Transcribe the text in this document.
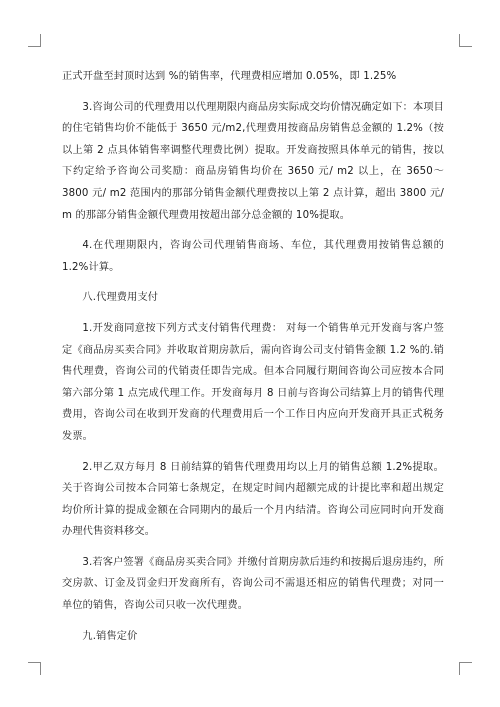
正式开盘至封顶时达到 %的销售率，代理费相应增加 0.05%，即 1.25%

3.咨询公司的代理费用以代理期限内商品房实际成交均价情况确定如下：本项目的住宅销售均价不能低于 3650 元/m2,代理费用按商品房销售总金额的 1.2%（按以上第 2 点具体销售率调整代理费比例）提取。开发商按照具体单元的销售，按以下约定给予咨询公司奖励：商品房销售均价在 3650 元/ m2 以上，在 3650～3800 元/ m2 范围内的那部分销售金额代理费按以上第 2 点计算，超出 3800 元/ m 的那部分销售金额代理费用按超出部分总金额的 10%提取。

4.在代理期限内，咨询公司代理销售商场、车位，其代理费用按销售总额的 1.2%计算。

八.代理费用支付

1.开发商同意按下列方式支付销售代理费： 对每一个销售单元开发商与客户签定《商品房买卖合同》并收取首期房款后，需向咨询公司支付销售金额 1.2 %的.销售代理费，咨询公司的代销责任即告完成。但本合同履行期间咨询公司应按本合同第六部分第 1 点完成代理工作。开发商每月 8 日前与咨询公司结算上月的销售代理费用，咨询公司在收到开发商的代理费用后一个工作日内应向开发商开具正式税务发票。

2.甲乙双方每月 8 日前结算的销售代理费用均以上月的销售总额 1.2%提取。关于咨询公司按本合同第七条规定，在规定时间内超额完成的计提比率和超出规定均价所计算的提成金额在合同期内的最后一个月内结清。咨询公司应同时向开发商办理代售资料移交。

3.若客户签署《商品房买卖合同》并缴付首期房款后违约和按揭后退房违约，所交房款、订金及罚金归开发商所有，咨询公司不需退还相应的销售代理费；对同一单位的销售，咨询公司只收一次代理费。

九.销售定价
